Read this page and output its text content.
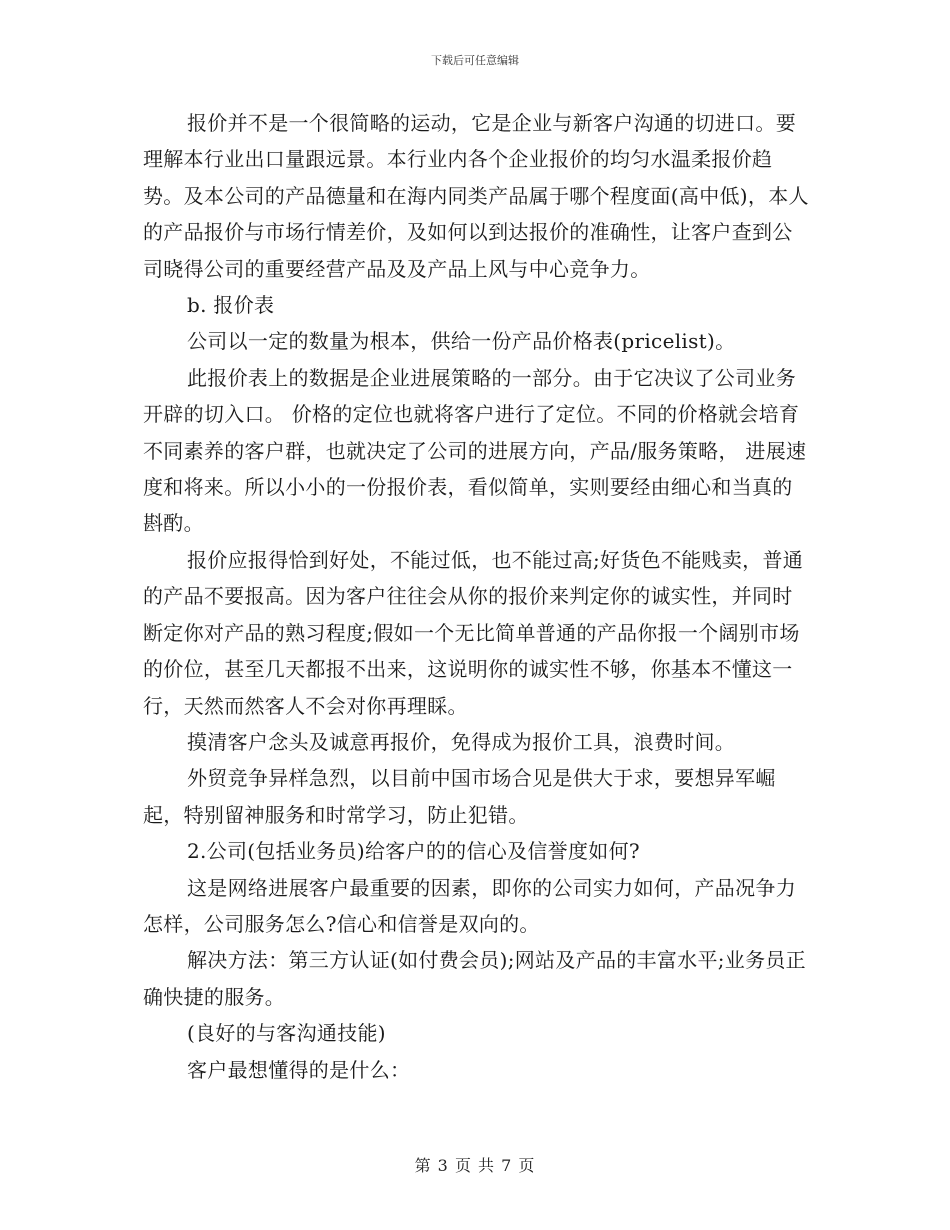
下载后可任意编辑

报价并不是一个很简略的运动，它是企业与新客户沟通的切进口。要理解本行业出口量跟远景。本行业内各个企业报价的均匀水温柔报价趋势。及本公司的产品德量和在海内同类产品属于哪个程度面(高中低)，本人的产品报价与市场行情差价，及如何以到达报价的准确性，让客户查到公司晓得公司的重要经营产品及及产品上风与中心竞争力。

b. 报价表

公司以一定的数量为根本，供给一份产品价格表(pricelist)。

此报价表上的数据是企业进展策略的一部分。由于它决议了公司业务开辟的切入口。 价格的定位也就将客户进行了定位。不同的价格就会培育不同素养的客户群，也就决定了公司的进展方向，产品/服务策略， 进展速度和将来。所以小小的一份报价表，看似简单，实则要经由细心和当真的斟酌。

报价应报得恰到好处，不能过低，也不能过高;好货色不能贱卖，普通的产品不要报高。因为客户往往会从你的报价来判定你的诚实性，并同时断定你对产品的熟习程度;假如一个无比简单普通的产品你报一个阔别市场的价位，甚至几天都报不出来，这说明你的诚实性不够，你基本不懂这一行，天然而然客人不会对你再理睬。

摸清客户念头及诚意再报价，免得成为报价工具，浪费时间。

外贸竞争异样急烈，以目前中国市场合见是供大于求，要想异军崛起，特别留神服务和时常学习，防止犯错。

2.公司(包括业务员)给客户的的信心及信誉度如何?

这是网络进展客户最重要的因素，即你的公司实力如何，产品况争力怎样，公司服务怎么?信心和信誉是双向的。

解决方法：第三方认证(如付费会员);网站及产品的丰富水平;业务员正确快捷的服务。

(良好的与客沟通技能)

客户最想懂得的是什么：

第 3 页 共 7 页
